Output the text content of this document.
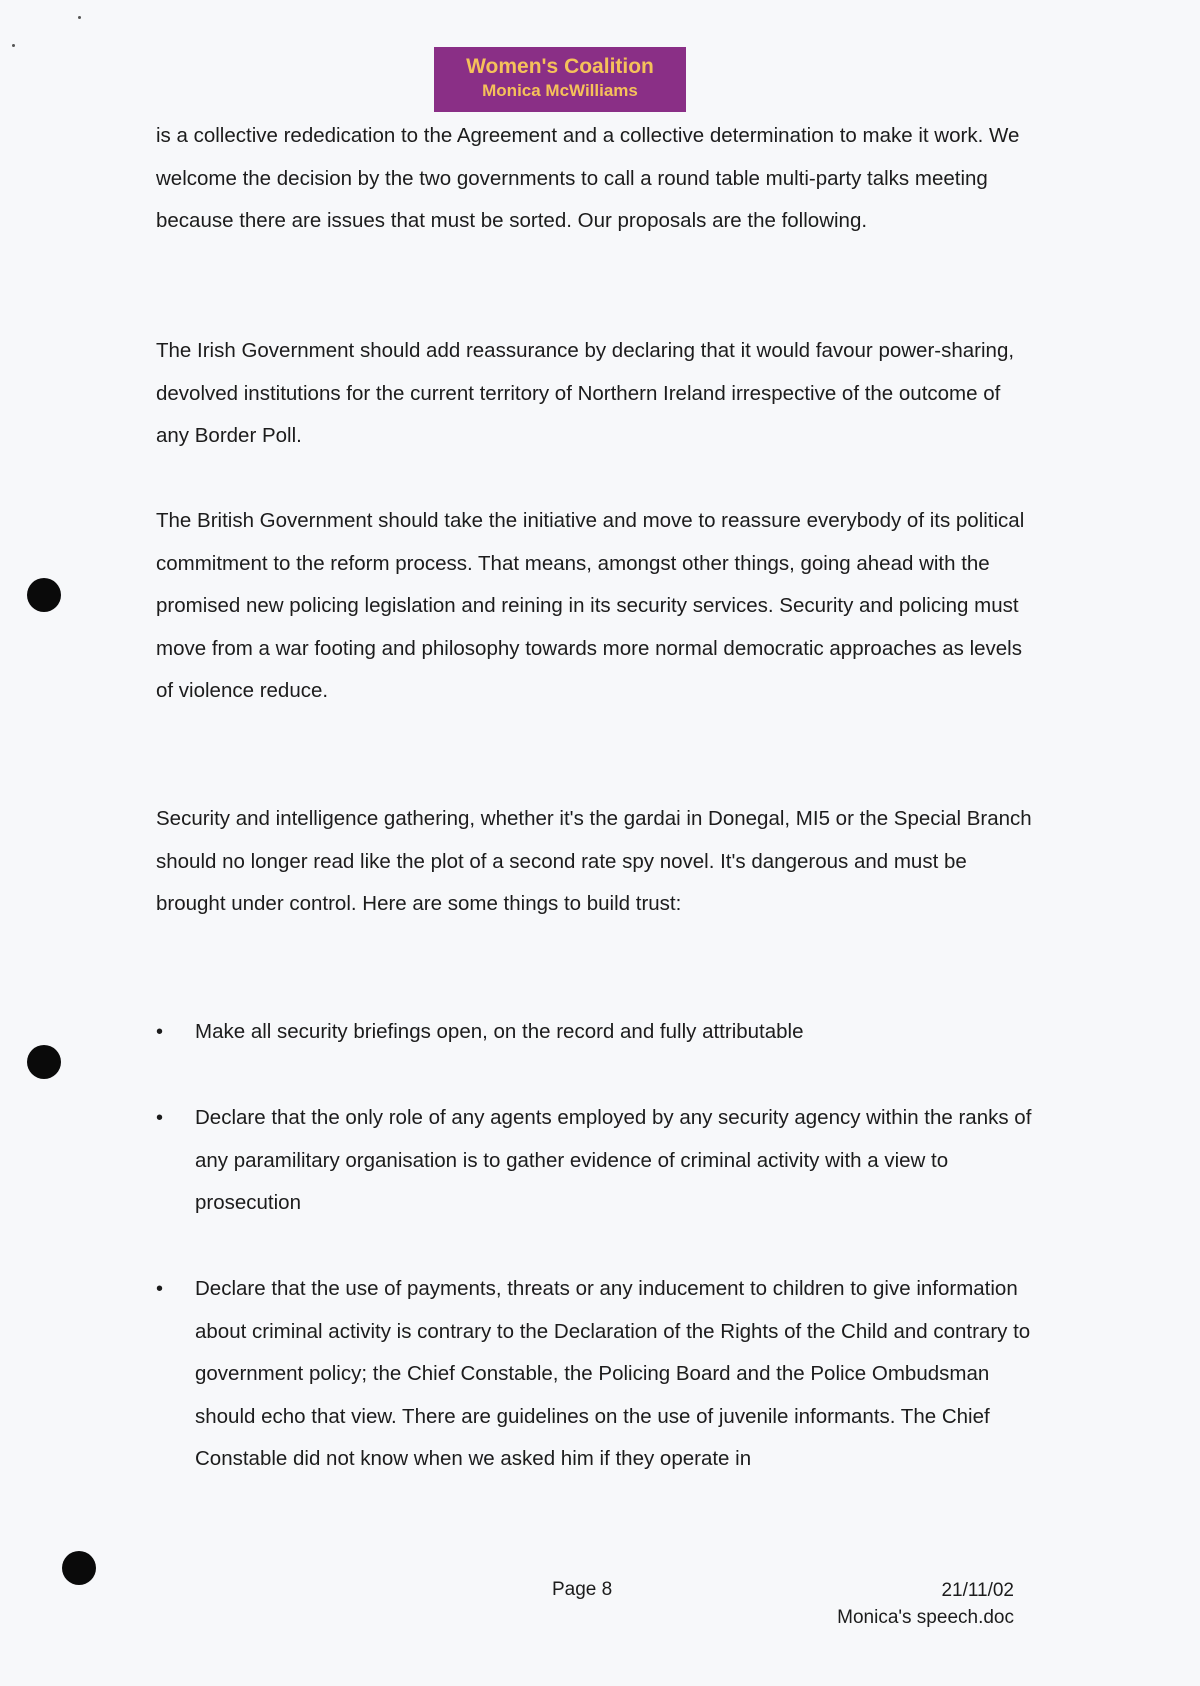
Women's Coalition
Monica McWilliams

is a collective rededication to the Agreement and a collective determination to make it work. We welcome the decision by the two governments to call a round table multi-party talks meeting because there are issues that must be sorted. Our proposals are the following.

The Irish Government should add reassurance by declaring that it would favour power-sharing, devolved institutions for the current territory of Northern Ireland irrespective of the outcome of any Border Poll.

The British Government should take the initiative and move to reassure everybody of its political commitment to the reform process. That means, amongst other things, going ahead with the promised new policing legislation and reining in its security services. Security and policing must move from a war footing and philosophy towards more normal democratic approaches as levels of violence reduce.

Security and intelligence gathering, whether it's the gardai in Donegal, MI5 or the Special Branch should no longer read like the plot of a second rate spy novel. It's dangerous and must be brought under control. Here are some things to build trust:

•	Make all security briefings open, on the record and fully attributable

•	Declare that the only role of any agents employed by any security agency within the ranks of any paramilitary organisation is to gather evidence of criminal activity with a view to prosecution

•	Declare that the use of payments, threats or any inducement to children to give information about criminal activity is contrary to the Declaration of the Rights of the Child and contrary to government policy; the Chief Constable, the Policing Board and the Police Ombudsman should echo that view. There are guidelines on the use of juvenile informants. The Chief Constable did not know when we asked him if they operate in

Page 8	21/11/02
Monica's speech.doc
